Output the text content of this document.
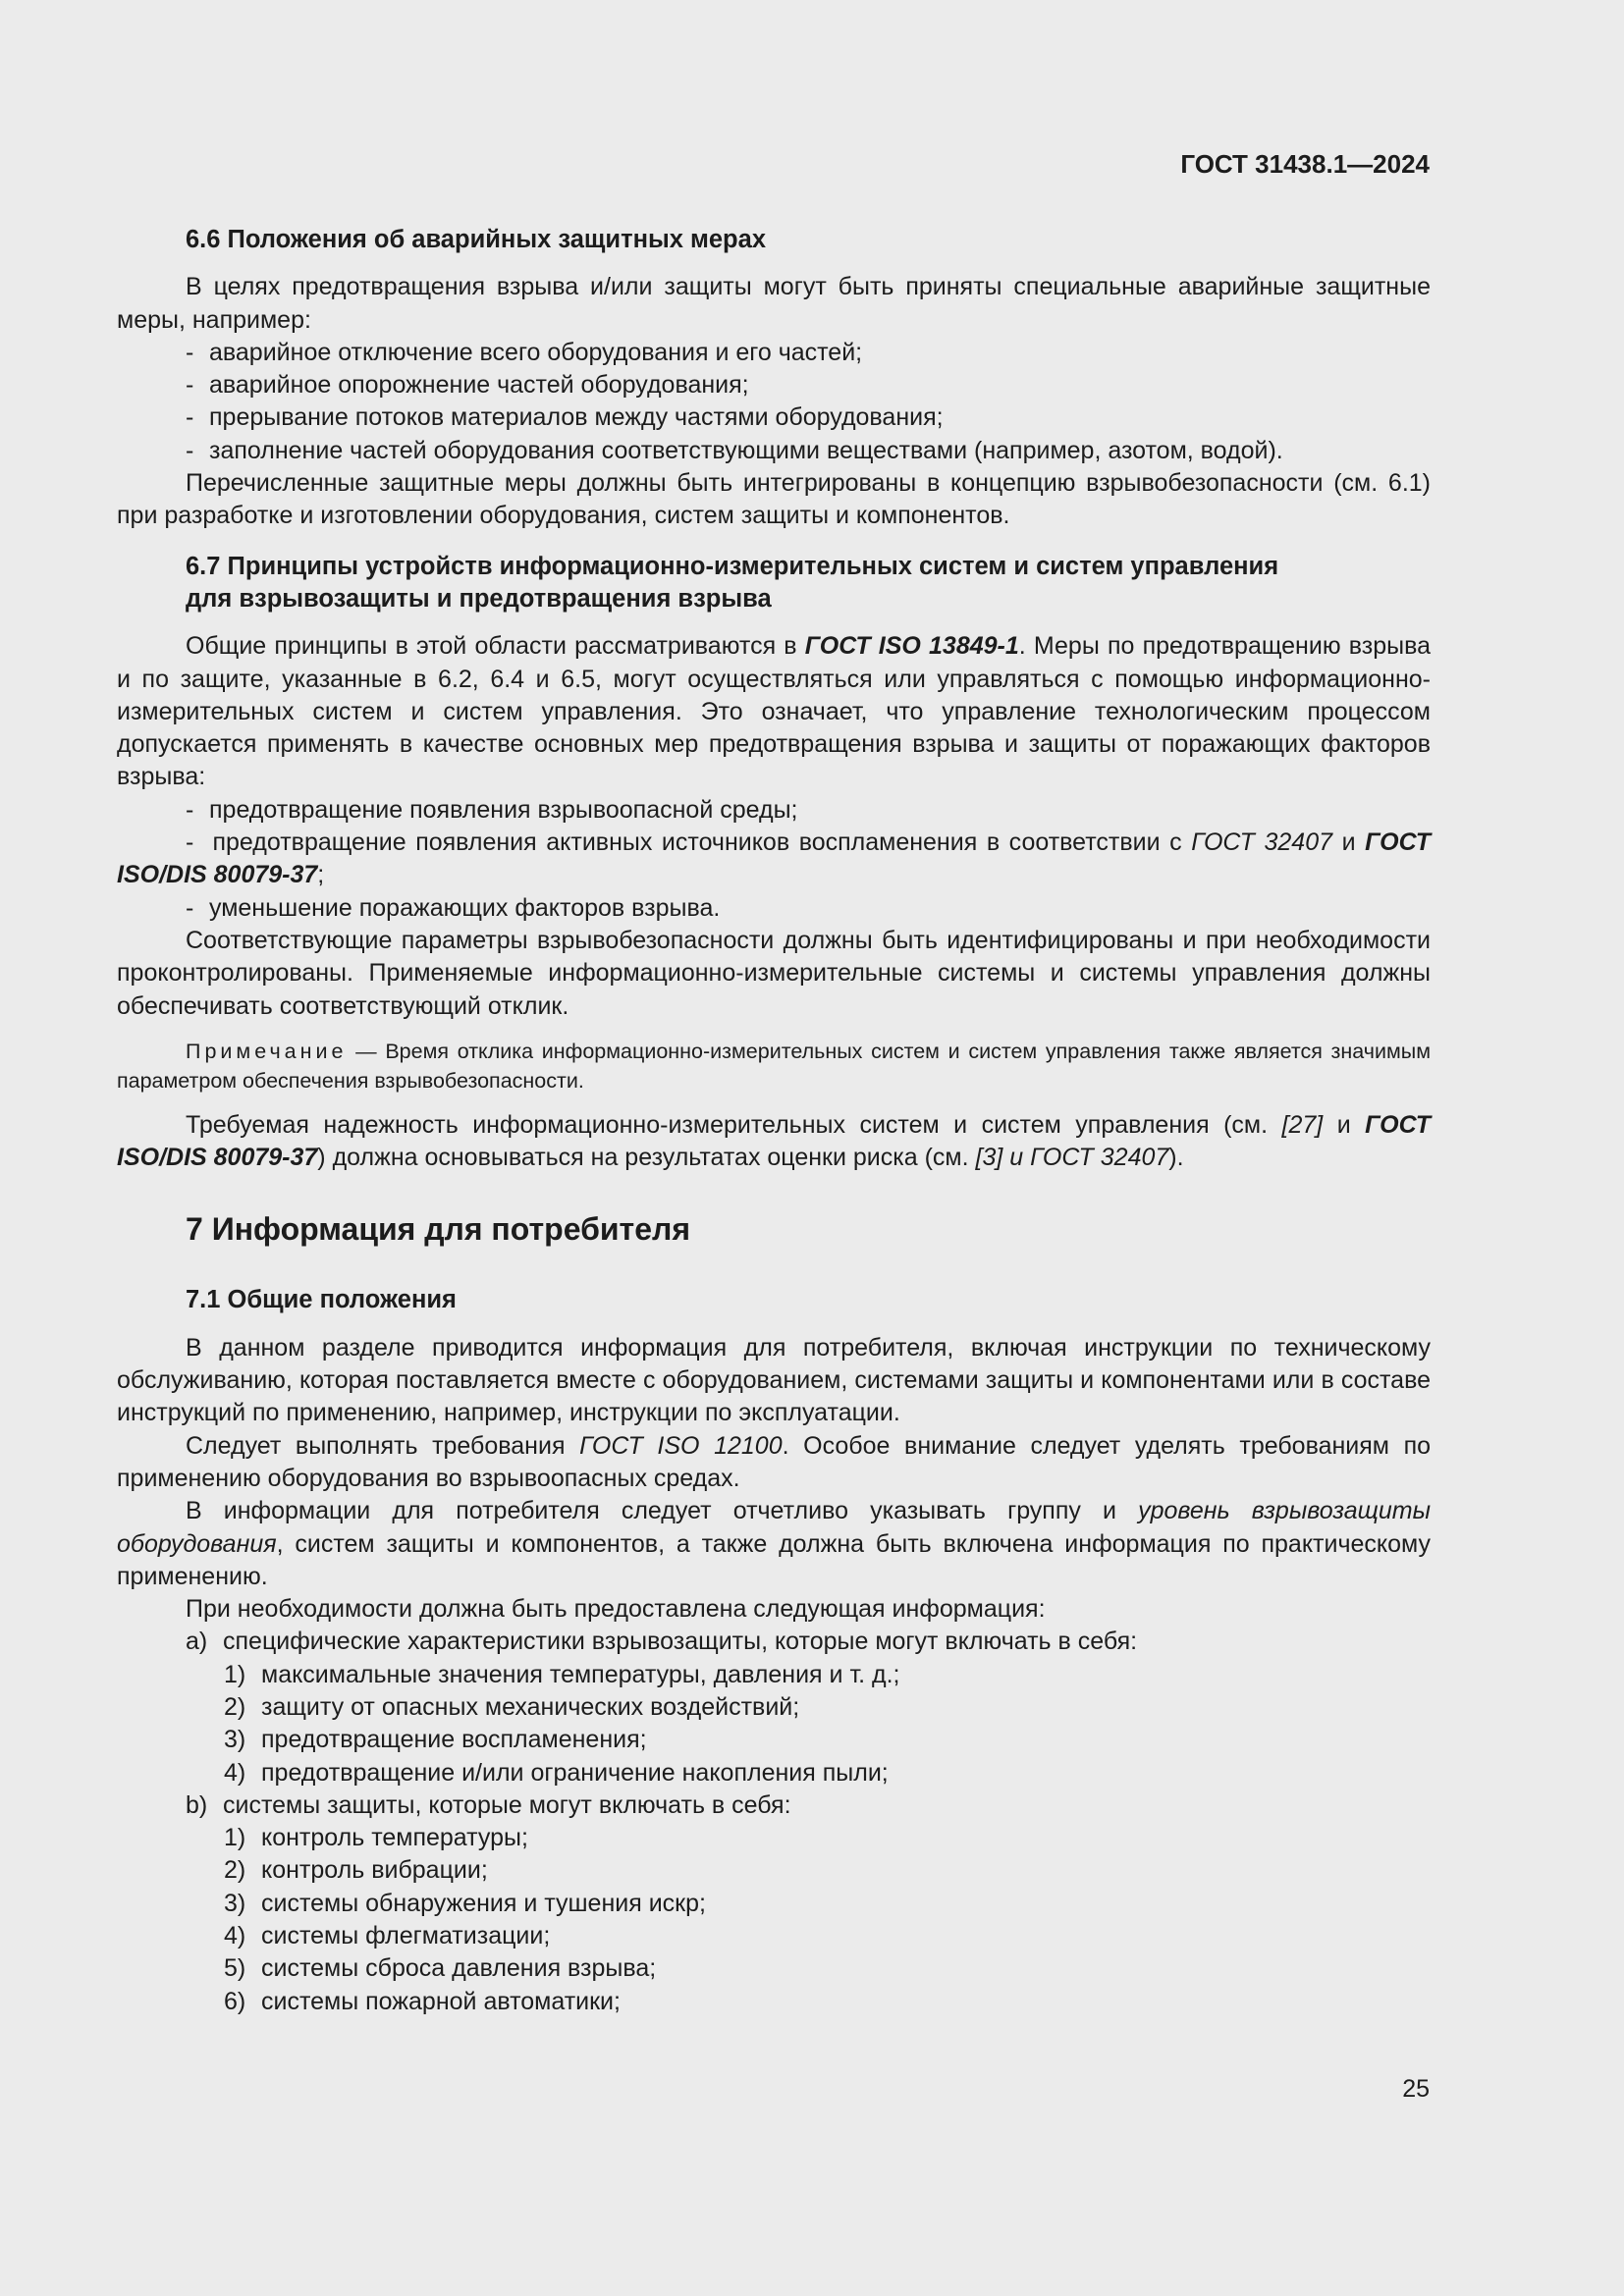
ГОСТ 31438.1—2024

6.6 Положения об аварийных защитных мерах

В целях предотвращения взрыва и/или защиты могут быть приняты специальные аварийные защитные меры, например:

- аварийное отключение всего оборудования и его частей;

- аварийное опорожнение частей оборудования;

- прерывание потоков материалов между частями оборудования;

- заполнение частей оборудования соответствующими веществами (например, азотом, водой).

Перечисленные защитные меры должны быть интегрированы в концепцию взрывобезопасности (см. 6.1) при разработке и изготовлении оборудования, систем защиты и компонентов.

6.7 Принципы устройств информационно-измерительных систем и систем управления
для взрывозащиты и предотвращения взрыва

Общие принципы в этой области рассматриваются в ГОСТ ISO 13849-1. Меры по предотвращению взрыва и по защите, указанные в 6.2, 6.4 и 6.5, могут осуществляться или управляться с помощью информационно-измерительных систем и систем управления. Это означает, что управление технологическим процессом допускается применять в качестве основных мер предотвращения взрыва и защиты от поражающих факторов взрыва:

- предотвращение появления взрывоопасной среды;

-  предотвращение появления активных источников воспламенения в соответствии с ГОСТ 32407 и ГОСТ ISO/DIS 80079-37;

- уменьшение поражающих факторов взрыва.

Соответствующие параметры взрывобезопасности должны быть идентифицированы и при необходимости проконтролированы. Применяемые информационно-измерительные системы и системы управления должны обеспечивать соответствующий отклик.

Примечание — Время отклика информационно-измерительных систем и систем управления также является значимым параметром обеспечения взрывобезопасности.

Требуемая надежность информационно-измерительных систем и систем управления (см. [27] и ГОСТ ISO/DIS 80079-37) должна основываться на результатах оценки риска (см. [3] и ГОСТ 32407).

7 Информация для потребителя

7.1 Общие положения

В данном разделе приводится информация для потребителя, включая инструкции по техническому обслуживанию, которая поставляется вместе с оборудованием, системами защиты и компонентами или в составе инструкций по применению, например, инструкции по эксплуатации.

Следует выполнять требования ГОСТ ISO 12100. Особое внимание следует уделять требованиям по применению оборудования во взрывоопасных средах.

В информации для потребителя следует отчетливо указывать группу и уровень взрывозащиты оборудования, систем защиты и компонентов, а также должна быть включена информация по практическому применению.

При необходимости должна быть предоставлена следующая информация:

a) специфические характеристики взрывозащиты, которые могут включать в себя:

1) максимальные значения температуры, давления и т. д.;

2) защиту от опасных механических воздействий;

3) предотвращение воспламенения;

4) предотвращение и/или ограничение накопления пыли;

b) системы защиты, которые могут включать в себя:

1) контроль температуры;

2) контроль вибрации;

3) системы обнаружения и тушения искр;

4) системы флегматизации;

5) системы сброса давления взрыва;

6) системы пожарной автоматики;

25
